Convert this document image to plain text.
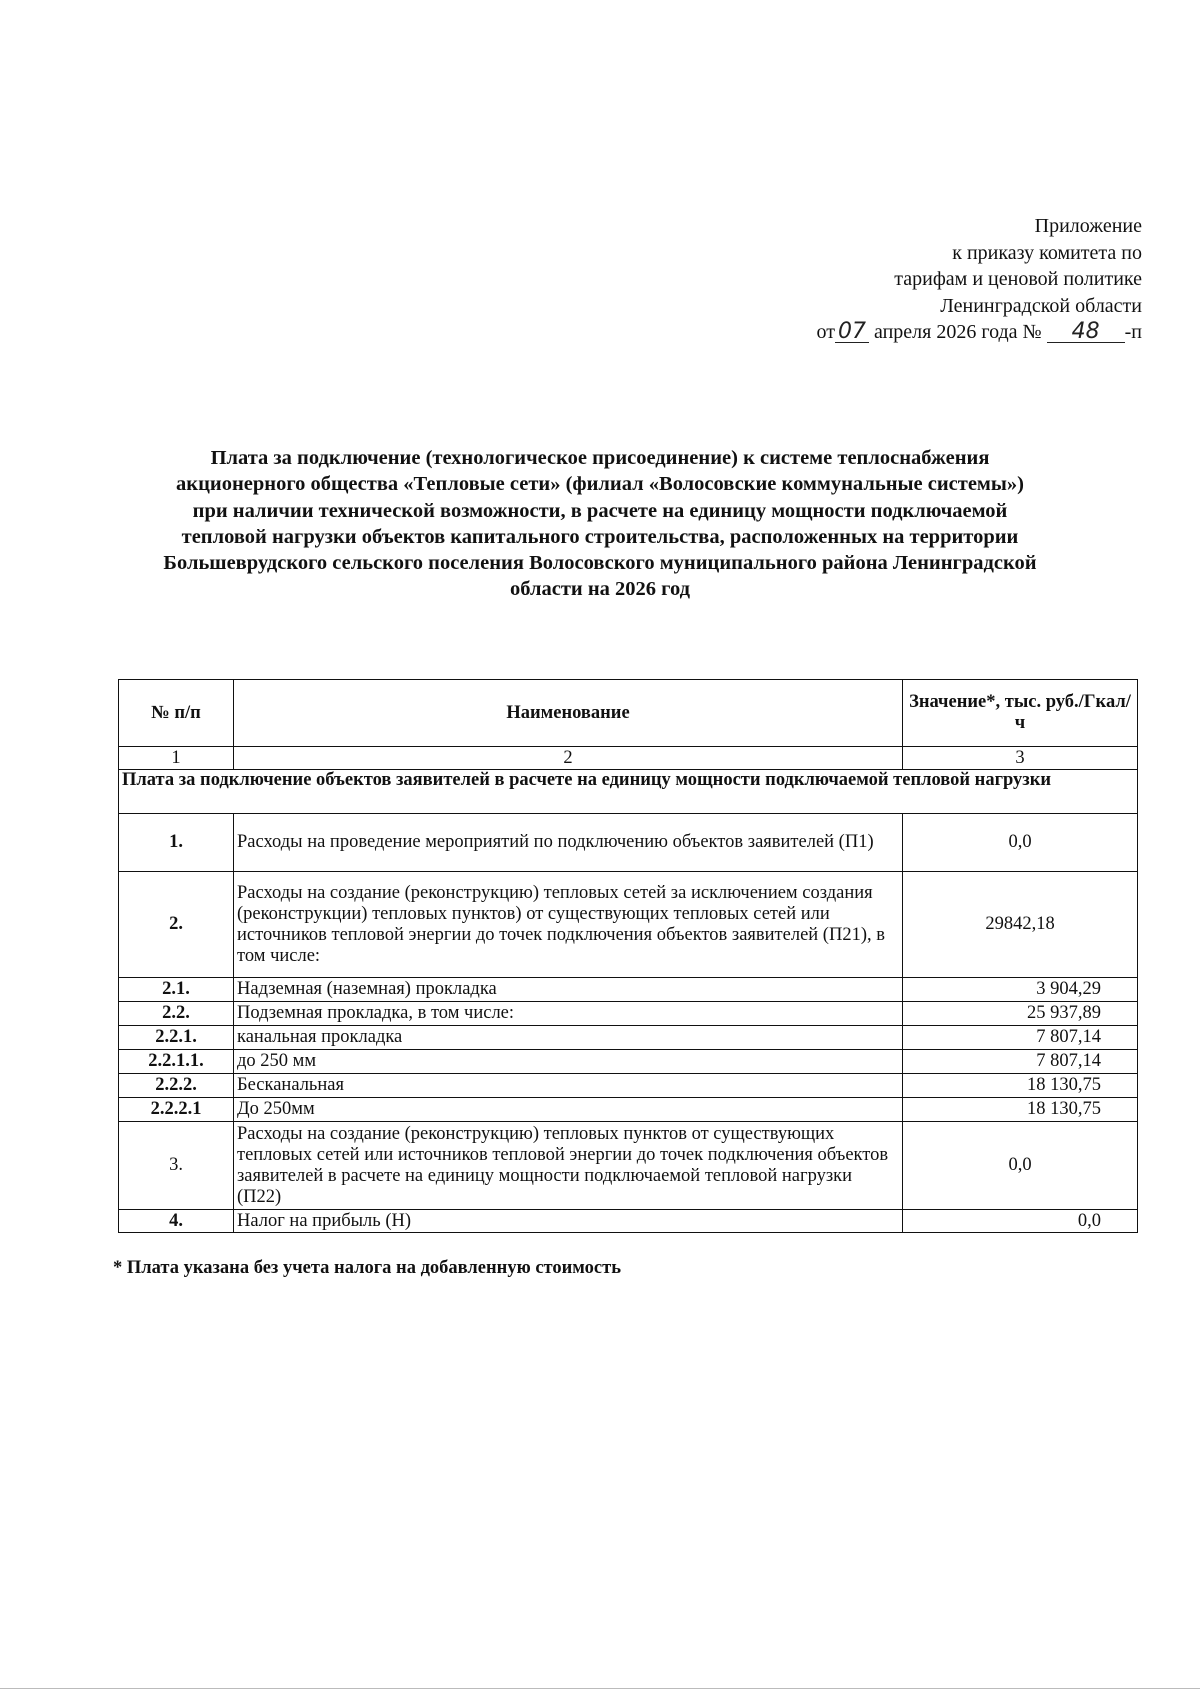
Приложение
к приказу комитета по
тарифам и ценовой политике
Ленинградской области
от 07 апреля 2026 года № 48 -п
Плата за подключение (технологическое присоединение) к системе теплоснабжения
акционерного общества «Тепловые сети» (филиал «Волосовские коммунальные системы»)
при наличии технической возможности, в расчете на единицу мощности подключаемой
тепловой нагрузки объектов капитального строительства, расположенных на территории
Большеврудского сельского поселения Волосовского муниципального района Ленинградской
области на 2026 год
№ п/п	Наименование	Значение*, тыс. руб./Гкал/ч
1	2	3
Плата за подключение объектов заявителей в расчете на единицу мощности подключаемой тепловой нагрузки		
1.	Расходы на проведение мероприятий по подключению объектов заявителей (П1)	0,0
2.	Расходы на создание (реконструкцию) тепловых сетей за исключением создания (реконструкции) тепловых пунктов) от существующих тепловых сетей или источников тепловой энергии до точек подключения объектов заявителей (П21), в том числе:	29842,18
2.1.	Надземная (наземная) прокладка	3 904,29
2.2.	Подземная прокладка, в том числе:	25 937,89
2.2.1.	канальная прокладка	7 807,14
2.2.1.1.	до 250 мм	7 807,14
2.2.2.	Бесканальная	18 130,75
2.2.2.1	До 250мм	18 130,75
3.	Расходы на создание (реконструкцию) тепловых пунктов от существующих тепловых сетей или источников тепловой энергии до точек подключения объектов заявителей в расчете на единицу мощности подключаемой тепловой нагрузки (П22)	0,0
4.	Налог на прибыль (Н)	0,0
* Плата указана без учета налога на добавленную стоимость
